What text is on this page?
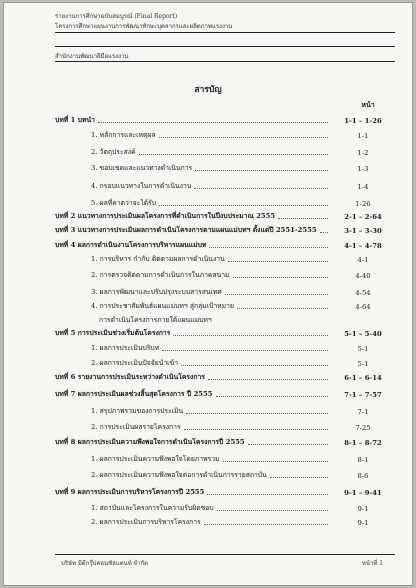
รายงานการศึกษาฉบับสมบูรณ์ (Final Report)
โครงการศึกษาแผนงานการพัฒนาทักษะบุคลากรและผลิตภาพแรงงาน
สำนักงานพัฒนาฝีมือแรงงาน
สารบัญ
หน้า
บทที่ 1 บทนำ	1-1 – 1-26
1. หลักการและเหตุผล	1-1
2. วัตถุประสงค์	1-2
3. ขอบเขตและแนวทางดำเนินการ	1-3
4. กรอบแนวทางในการดำเนินงาน	1-4
5. ผลที่คาดว่าจะได้รับ	1-26
บทที่ 2 แนวทางการประเมินผลโครงการที่ดำเนินการในปีงบประมาณ 2555	2-1 – 2-64
บทที่ 3 แนวทางการประเมินผลการดำเนินโครงการตามแผนแม่บทฯ ตั้งแต่ปี 2551-2555	3-1 – 3-30
บทที่ 4 ผลการดำเนินงานโครงการบริหารแผนแม่บท	4-1 – 4-78
1. การบริหาร กำกับ ติดตามผลการดำเนินงาน	4-1
2. การตรวจติดตามการดำเนินการในภาคสนาม	4-40
3. ผลการพัฒนาและปรับปรุงระบบสารสนเทศ	4-54
4. การประชาสัมพันธ์แผนแม่บทฯ สู่กลุ่มเป้าหมาย	4-64
การดำเนินโครงการภายใต้แผนแม่บทฯ
บทที่ 5 การประเมินช่วงเริ่มต้นโครงการ	5-1 – 5-40
1. ผลการประเมินบริบท	5-1
2. ผลการประเมินปัจจัยนำเข้า	5-1
บทที่ 6 รายงานการประเมินระหว่างดำเนินโครงการ	6-1 – 6-14
บทที่ 7 ผลการประเมินผลช่วงสิ้นสุดโครงการ ปี 2555	7-1 – 7-57
1. สรุปภาพรวมของการประเมิน	7-1
2. การประเมินผลรายโครงการ	7-25
บทที่ 8 ผลการประเมินความพึงพอใจการดำเนินโครงการปี 2555	8-1 – 8-72
1. ผลการประเมินความพึงพอใจโดยภาพรวม	8-1
2. ผลการประเมินความพึงพอใจต่อการดำเนินการรายสถาบัน	8-6
บทที่ 9 ผลการประเมินการบริหารโครงการปี 2555	9-1 – 9-41
1. สถาบันและโครงการในความรับผิดชอบ	9-1
2. ผลการประเมินการบริหารโครงการ	9-1
บริษัท มีดีกรุ๊ปคอนซัลแตนท์ จำกัด	หน้าที่ 1
